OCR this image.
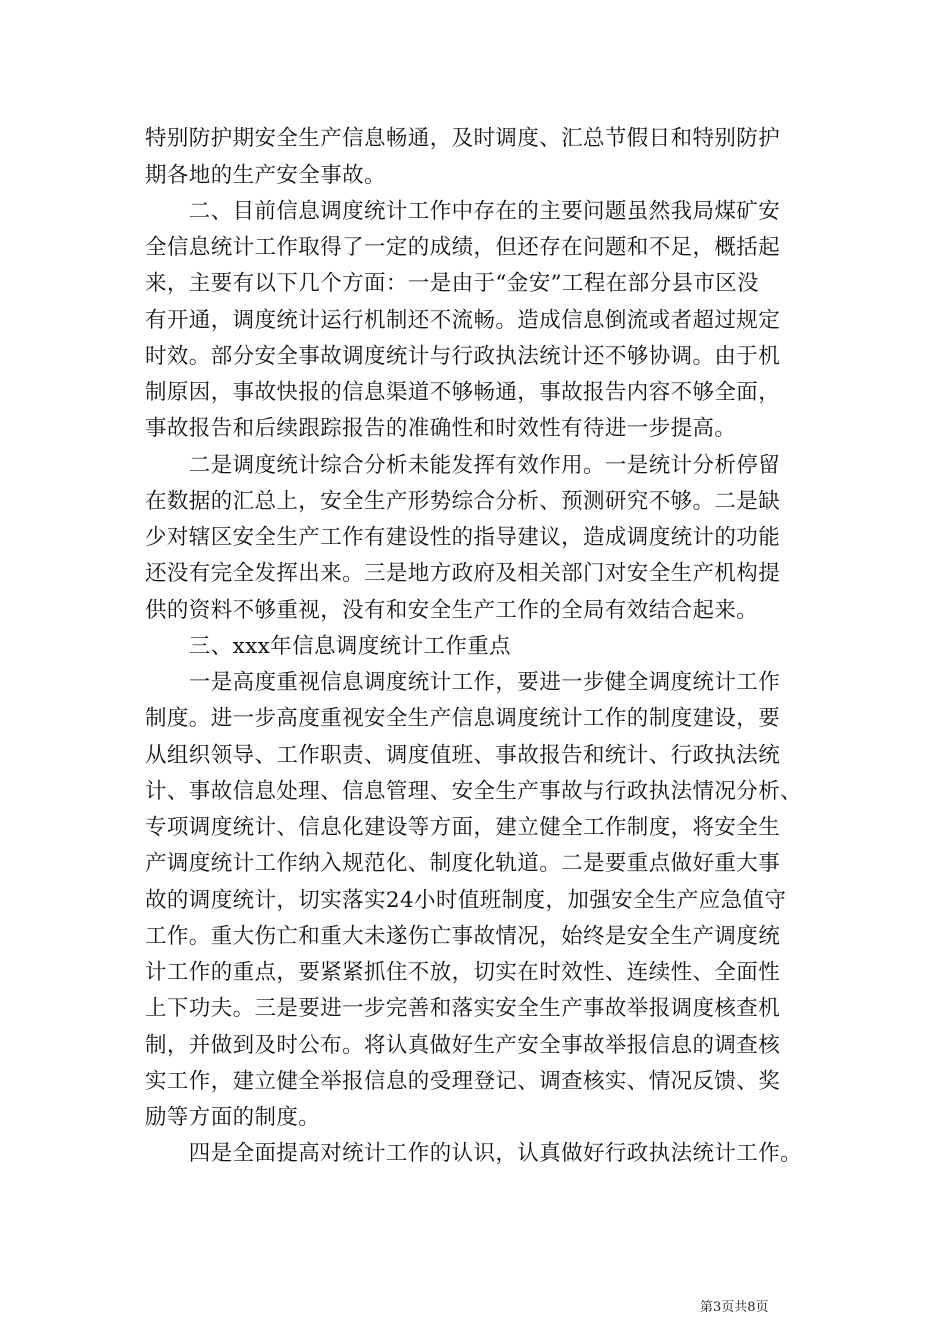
特别防护期安全生产信息畅通，及时调度、汇总节假日和特别防护
期各地的生产安全事故。
　　二、目前信息调度统计工作中存在的主要问题虽然我局煤矿安
全信息统计工作取得了一定的成绩，但还存在问题和不足，概括起
来，主要有以下几个方面：一是由于“金安”工程在部分县市区没
有开通，调度统计运行机制还不流畅。造成信息倒流或者超过规定
时效。部分安全事故调度统计与行政执法统计还不够协调。由于机
制原因，事故快报的信息渠道不够畅通，事故报告内容不够全面，
事故报告和后续跟踪报告的准确性和时效性有待进一步提高。
　　二是调度统计综合分析未能发挥有效作用。一是统计分析停留
在数据的汇总上，安全生产形势综合分析、预测研究不够。二是缺
少对辖区安全生产工作有建设性的指导建议，造成调度统计的功能
还没有完全发挥出来。三是地方政府及相关部门对安全生产机构提
供的资料不够重视，没有和安全生产工作的全局有效结合起来。
　　三、xxx年信息调度统计工作重点
　　一是高度重视信息调度统计工作，要进一步健全调度统计工作
制度。进一步高度重视安全生产信息调度统计工作的制度建设，要
从组织领导、工作职责、调度值班、事故报告和统计、行政执法统
计、事故信息处理、信息管理、安全生产事故与行政执法情况分析、
专项调度统计、信息化建设等方面，建立健全工作制度，将安全生
产调度统计工作纳入规范化、制度化轨道。二是要重点做好重大事
故的调度统计，切实落实24小时值班制度，加强安全生产应急值守
工作。重大伤亡和重大未遂伤亡事故情况，始终是安全生产调度统
计工作的重点，要紧紧抓住不放，切实在时效性、连续性、全面性
上下功夫。三是要进一步完善和落实安全生产事故举报调度核查机
制，并做到及时公布。将认真做好生产安全事故举报信息的调查核
实工作，建立健全举报信息的受理登记、调查核实、情况反馈、奖
励等方面的制度。
　　四是全面提高对统计工作的认识，认真做好行政执法统计工作。
第3页共8页
